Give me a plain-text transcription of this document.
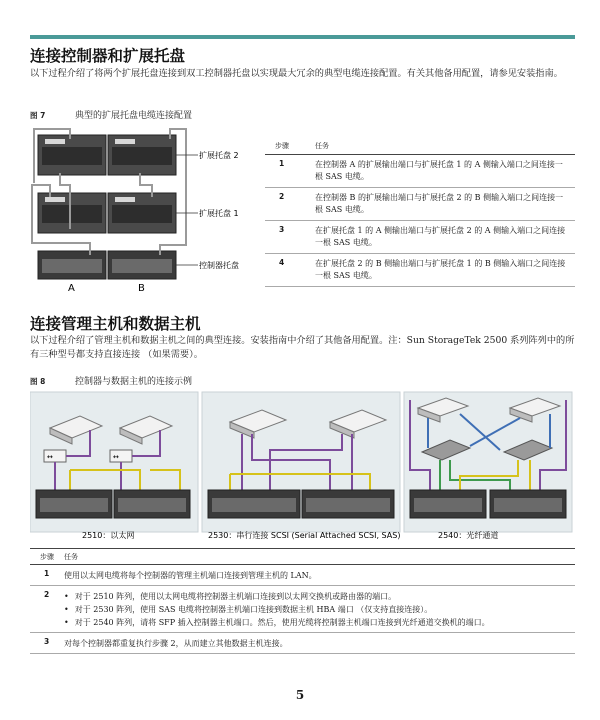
连接控制器和扩展托盘
以下过程介绍了将两个扩展托盘连接到双工控制器托盘以实现最大冗余的典型电缆连接配置。有关其他备用配置，请参见安装指南。
图 7	典型的扩展托盘电缆连接配置
扩展托盘 2
扩展托盘 1
控制器托盘
A	B
步骤	任务
1	在控制器 A 的扩展输出端口与扩展托盘 1 的 A 侧输入端口之间连接一根 SAS 电缆。
2	在控制器 B 的扩展输出端口与扩展托盘 2 的 B 侧输入端口之间连接一根 SAS 电缆。
3	在扩展托盘 1 的 A 侧输出端口与扩展托盘 2 的 A 侧输入端口之间连接一根 SAS 电缆。
4	在扩展托盘 2 的 B 侧输出端口与扩展托盘 1 的 B 侧输入端口之间连接一根 SAS 电缆。
连接管理主机和数据主机
以下过程介绍了管理主机和数据主机之间的典型连接。安装指南中介绍了其他备用配置。注：Sun StorageTek 2500 系列阵列中的所有三种型号都支持直接连接 （如果需要）。
图 8	控制器与数据主机的连接示例
↔	↔
2510：以太网	2530：串行连接 SCSI (Serial Attached SCSI, SAS)	2540：光纤通道
步骤 任务
1 使用以太网电缆将每个控制器的管理主机端口连接到管理主机的 LAN。
2
•	对于 2510 阵列，使用以太网电缆将控制器主机端口连接到以太网交换机或路由器的端口。
• 对于 2530 阵列，使用 SAS 电缆将控制器主机端口连接到数据主机 HBA 端口 （仅支持直接连接）。
• 对于 2540 阵列，请将 SFP 插入控制器主机端口。然后，使用光缆将控制器主机端口连接到光纤通道交换机的端口。
3 对每个控制器都重复执行步骤 2，从而建立其他数据主机连接。
5
